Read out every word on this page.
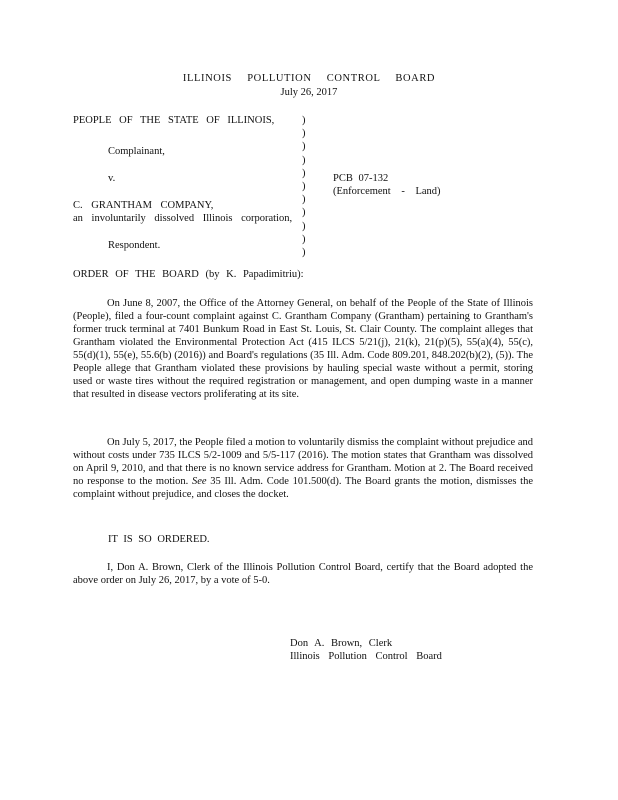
ILLINOIS POLLUTION CONTROL BOARD
July 26, 2017
PEOPLE OF THE STATE OF ILLINOIS,
Complainant,
v.
C. GRANTHAM COMPANY,
an involuntarily dissolved Illinois corporation,
Respondent.
)
)
)
)
)
)
)
)
)
)
)
PCB 07-132
(Enforcement - Land)
ORDER OF THE BOARD (by K. Papadimitriu):
On June 8, 2007, the Office of the Attorney General, on behalf of the People of the State of Illinois (People), filed a four-count complaint against C. Grantham Company (Grantham) pertaining to Grantham's former truck terminal at 7401 Bunkum Road in East St. Louis, St. Clair County. The complaint alleges that Grantham violated the Environmental Protection Act (415 ILCS 5/21(j), 21(k), 21(p)(5), 55(a)(4), 55(c), 55(d)(1), 55(e), 55.6(b) (2016)) and Board's regulations (35 Ill. Adm. Code 809.201, 848.202(b)(2), (5)). The People allege that Grantham violated these provisions by hauling special waste without a permit, storing used or waste tires without the required registration or management, and open dumping waste in a manner that resulted in disease vectors proliferating at its site.
On July 5, 2017, the People filed a motion to voluntarily dismiss the complaint without prejudice and without costs under 735 ILCS 5/2-1009 and 5/5-117 (2016). The motion states that Grantham was dissolved on April 9, 2010, and that there is no known service address for Grantham. Motion at 2. The Board received no response to the motion. See 35 Ill. Adm. Code 101.500(d). The Board grants the motion, dismisses the complaint without prejudice, and closes the docket.
IT IS SO ORDERED.
I, Don A. Brown, Clerk of the Illinois Pollution Control Board, certify that the Board adopted the above order on July 26, 2017, by a vote of 5-0.
Don A. Brown, Clerk
Illinois Pollution Control Board
